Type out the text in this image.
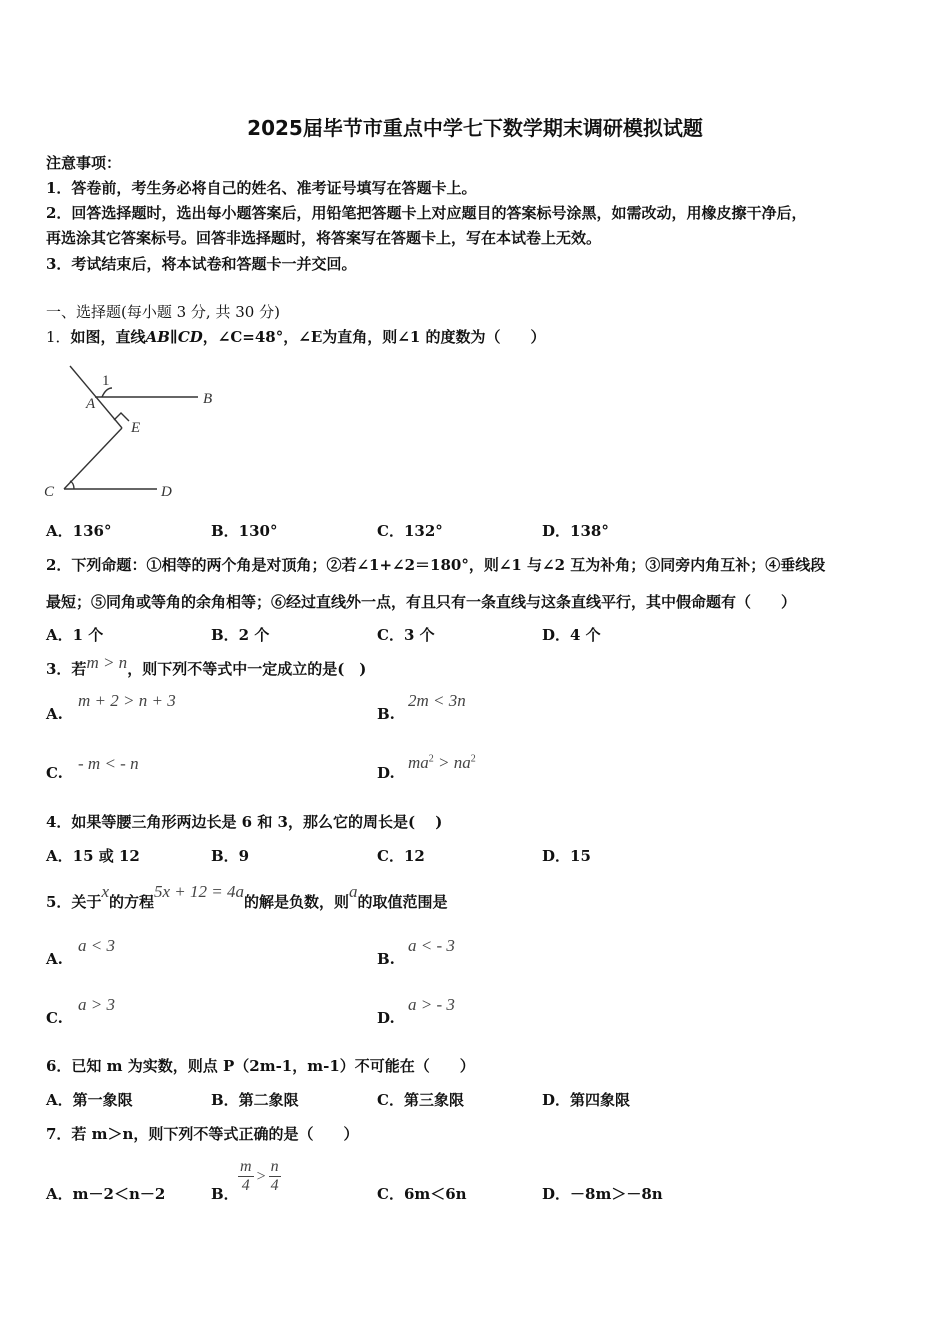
2025届毕节市重点中学七下数学期末调研模拟试题
注意事项：
1．答卷前，考生务必将自己的姓名、准考证号填写在答题卡上。
2．回答选择题时，选出每小题答案后，用铅笔把答题卡上对应题目的答案标号涂黑，如需改动，用橡皮擦干净后，
再选涂其它答案标号。回答非选择题时，将答案写在答题卡上，写在本试卷上无效。
3．考试结束后，将本试卷和答题卡一并交回。
一、选择题(每小题 3 分, 共 30 分)
1．如图，直线AB∥CD，∠C=48°，∠E为直角，则∠1 的度数为（　　）
1
A	B
E
C	D
A．136°	B．130°	C．132°	D．138°
2．下列命题：①相等的两个角是对顶角；②若∠1+∠2＝180°，则∠1 与∠2 互为补角；③同旁内角互补；④垂线段
最短；⑤同角或等角的余角相等；⑥经过直线外一点，有且只有一条直线与这条直线平行，其中假命题有（　　）
A．1 个	B．2 个	C．3 个	D．4 个
3．若m > n，则下列不等式中一定成立的是(　)
A.
m + 2 > n + 3
B.
2m < 3n
C. - m < - n	D.
$ma^2 > na^2$
4．如果等腰三角形两边长是 6 和 3，那么它的周长是(　 )
A．15 或 12	B．9	C．12	D．15
5．关于x的方程5x + 12 = 4a的解是负数，则a的取值范围是
A.
a < 3
B.
a < - 3
C.
a > 3
D.
a > - 3
6．已知 m 为实数，则点 P（2m-1，m-1）不可能在（　　）
A．第一象限	B．第二象限	C．第三象限	D．第四象限
7．若 m＞n，则下列不等式正确的是（　　）
A．m－2＜n－2	B． $\frac{m}{4} > \frac{n}{4}$	C．6m＜6n	D．－8m＞－8n
